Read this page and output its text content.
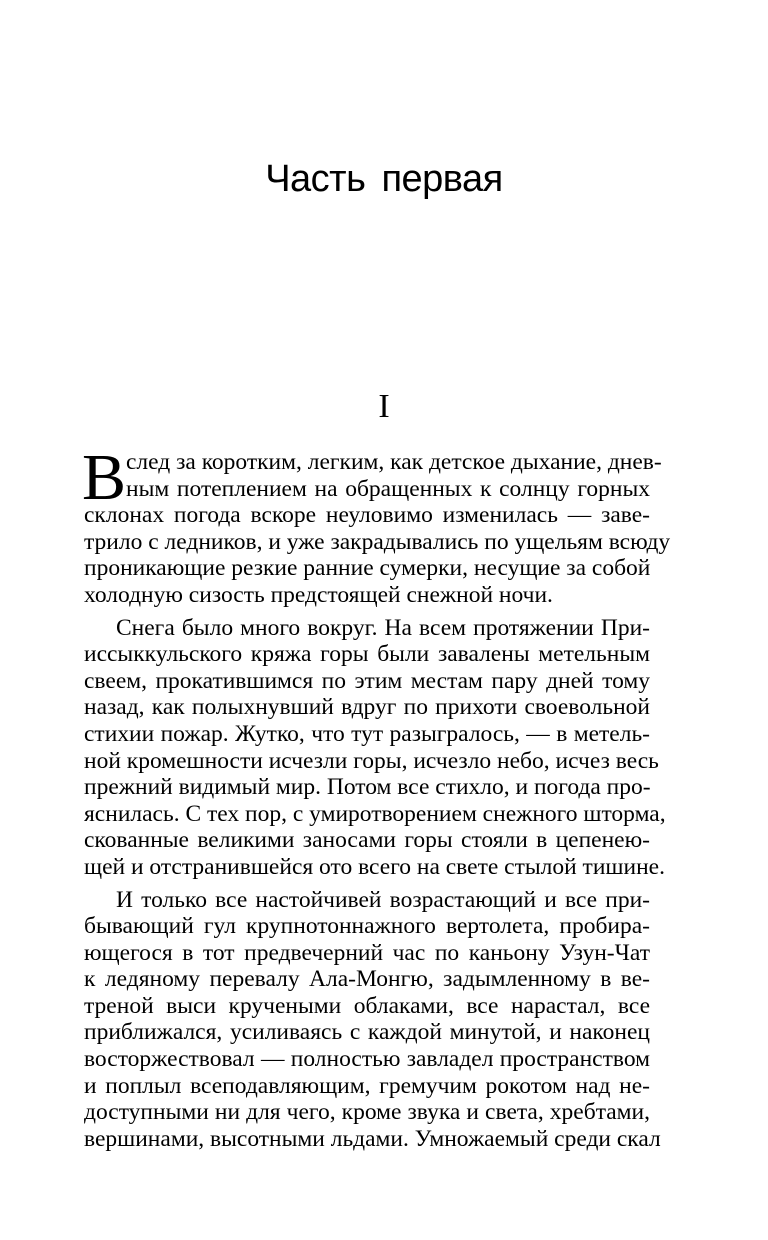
Часть первая
I
В след за коротким, легким, как детское дыхание, днев-
ным потеплением на обращенных к солнцу горных
склонах погода вскоре неуловимо изменилась — заве-
трило с ледников, и уже закрадывались по ущельям всюду
проникающие резкие ранние сумерки, несущие за собой
холодную сизость предстоящей снежной ночи.
Снега было много вокруг. На всем протяжении При-
иссыккульского кряжа горы были завалены метельным
свеем, прокатившимся по этим местам пару дней тому
назад, как полыхнувший вдруг по прихоти своевольной
стихии пожар. Жутко, что тут разыгралось, — в метель-
ной кромешности исчезли горы, исчезло небо, исчез весь
прежний видимый мир. Потом все стихло, и погода про-
яснилась. С тех пор, с умиротворением снежного шторма,
скованные великими заносами горы стояли в цепенею-
щей и отстранившейся ото всего на свете стылой тишине.
И только все настойчивей возрастающий и все при-
бывающий гул крупнотоннажного вертолета, пробира-
ющегося в тот предвечерний час по каньону Узун-Чат
к ледяному перевалу Ала-Монгю, задымленному в ве-
треной выси кручеными облаками, все нарастал, все
приближался, усиливаясь с каждой минутой, и наконец
восторжествовал — полностью завладел пространством
и поплыл всеподавляющим, гремучим рокотом над не-
доступными ни для чего, кроме звука и света, хребтами,
вершинами, высотными льдами. Умножаемый среди скал
